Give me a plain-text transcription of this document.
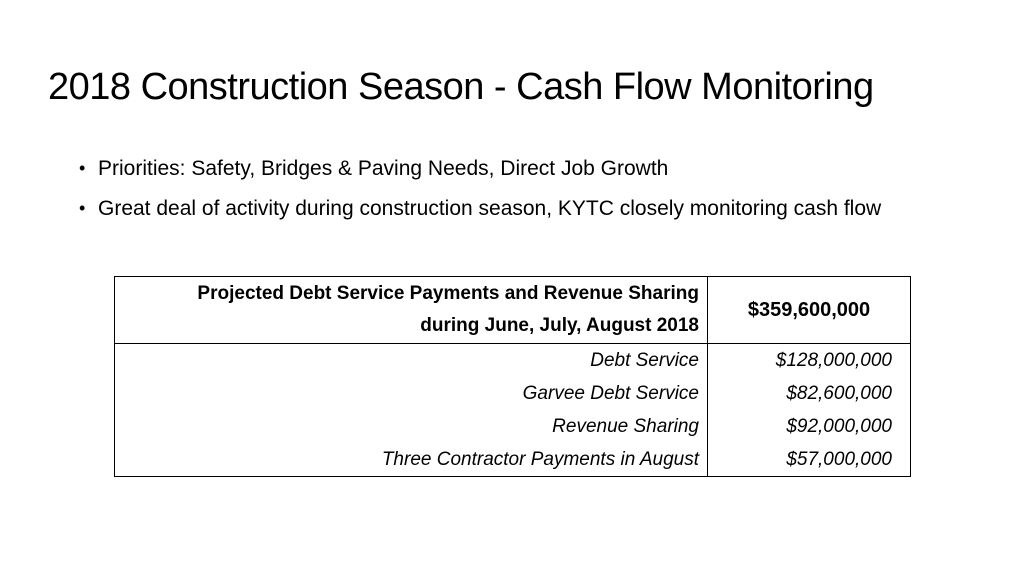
2018 Construction Season - Cash Flow Monitoring
• Priorities: Safety, Bridges & Paving Needs, Direct Job Growth
• Great deal of activity during construction season, KYTC closely monitoring cash flow
Projected Debt Service Payments and Revenue Sharing
during June, July, August 2018	$359,600,000
Debt Service	$128,000,000
Garvee Debt Service	$82,600,000
Revenue Sharing	$92,000,000
Three Contractor Payments in August	$57,000,000
